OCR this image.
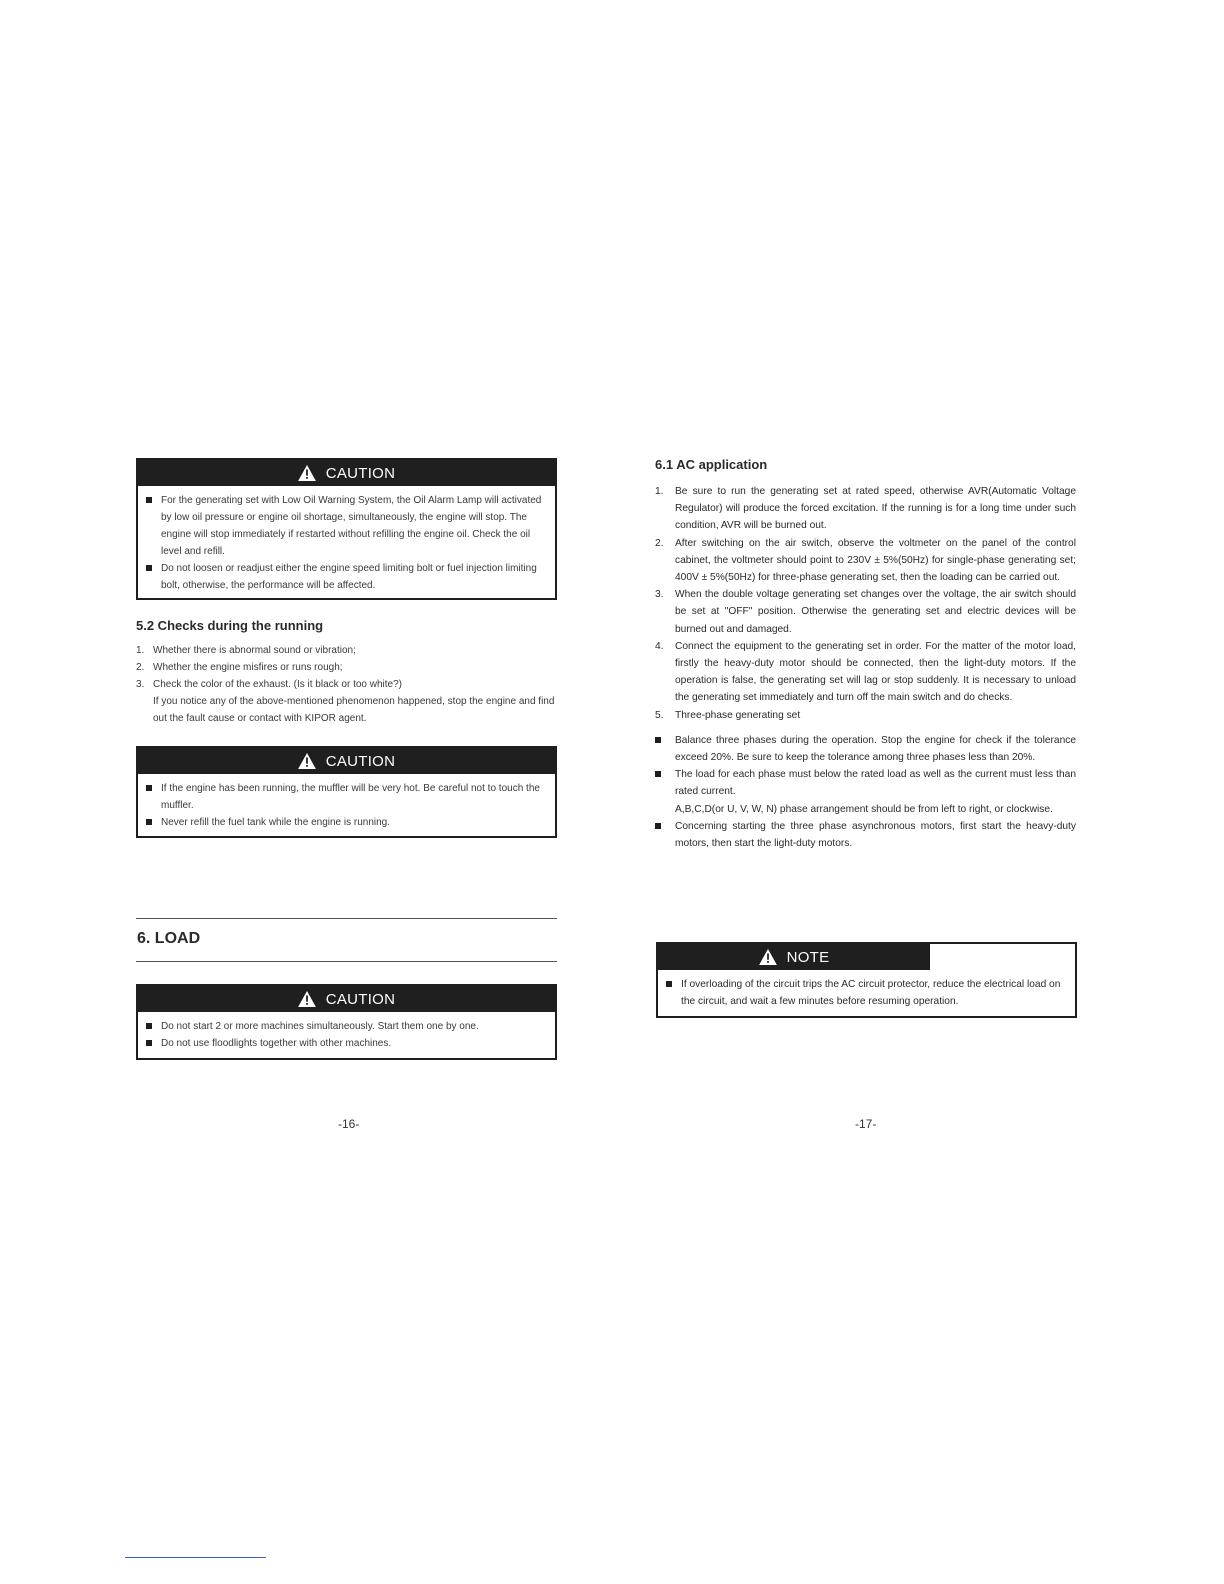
CAUTION
For the generating set with Low Oil Warning System, the Oil Alarm Lamp will activated by low oil pressure or engine oil shortage, simultaneously, the engine will stop. The engine will stop immediately if restarted without refilling the engine oil. Check the oil level and refill.
Do not loosen or readjust either the engine speed limiting bolt or fuel injection limiting bolt, otherwise, the performance will be affected.
5.2 Checks during the running
1. Whether there is abnormal sound or vibration;
2. Whether the engine misfires or runs rough;
3. Check the color of the exhaust. (Is it black or too white?)
If you notice any of the above-mentioned phenomenon happened, stop the engine and find out the fault cause or contact with KIPOR agent.
CAUTION
If the engine has been running, the muffler will be very hot. Be careful not to touch the muffler.
Never refill the fuel tank while the engine is running.
6. LOAD
CAUTION
Do not start 2 or more machines simultaneously. Start them one by one.
Do not use floodlights together with other machines.
-16-
6.1 AC application
1.	Be sure to run the generating set at rated speed, otherwise AVR(Automatic Voltage Regulator) will produce the forced excitation. If the running is for a long time under such condition, AVR will be burned out.
2.	After switching on the air switch, observe the voltmeter on the panel of the control cabinet, the voltmeter should point to 230V ± 5%(50Hz) for single-phase generating set; 400V ± 5%(50Hz) for three-phase generating set, then the loading can be carried out.
3.	When the double voltage generating set changes over the voltage, the air switch should be set at "OFF" position. Otherwise the generating set and electric devices will be burned out and damaged.
4.	Connect the equipment to the generating set in order. For the matter of the motor load, firstly the heavy-duty motor should be connected, then the light-duty motors. If the operation is false, the generating set will lag or stop suddenly. It is necessary to unload the generating set immediately and turn off the main switch and do checks.
5.	Three-phase generating set
Balance three phases during the operation. Stop the engine for check if the tolerance exceed 20%. Be sure to keep the tolerance among three phases less than 20%.
The load for each phase must below the rated load as well as the current must less than rated current.
A,B,C,D(or U, V, W, N) phase arrangement should be from left to right, or clockwise.
Concerning starting the three phase asynchronous motors, first start the heavy-duty motors, then start the light-duty motors.
NOTE
If overloading of the circuit trips the AC circuit protector, reduce the electrical load on the circuit, and wait a few minutes before resuming operation.
-17-
